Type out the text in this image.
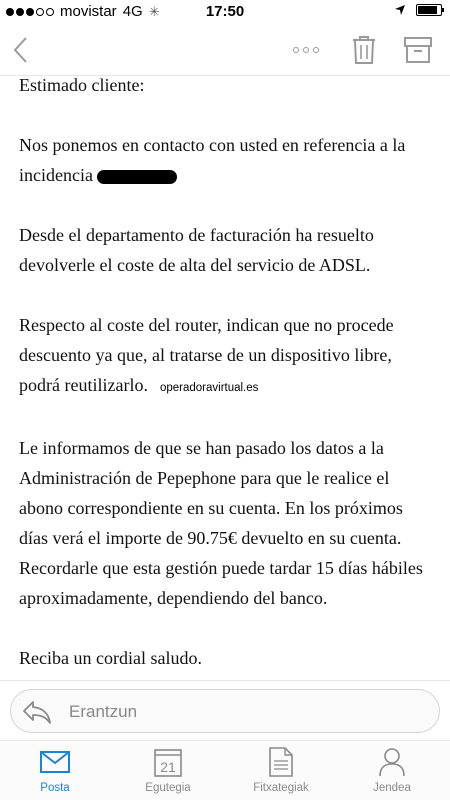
movistar 4G ✳	17:50

Estimado cliente:

Nos ponemos en contacto con usted en referencia a la incidencia

Desde el departamento de facturación ha resuelto devolverle el coste de alta del servicio de ADSL.

Respecto al coste del router, indican que no procede descuento ya que, al tratarse de un dispositivo libre, podrá reutilizarlo. operadoravirtual.es

Le informamos de que se han pasado los datos a la Administración de Pepephone para que le realice el abono correspondiente en su cuenta. En los próximos días verá el importe de 90.75€ devuelto en su cuenta. Recordarle que esta gestión puede tardar 15 días hábiles aproximadamente, dependiendo del banco.

Reciba un cordial saludo.

Erantzun
Posta
21
Egutegia	Fitxategiak	Jendea
